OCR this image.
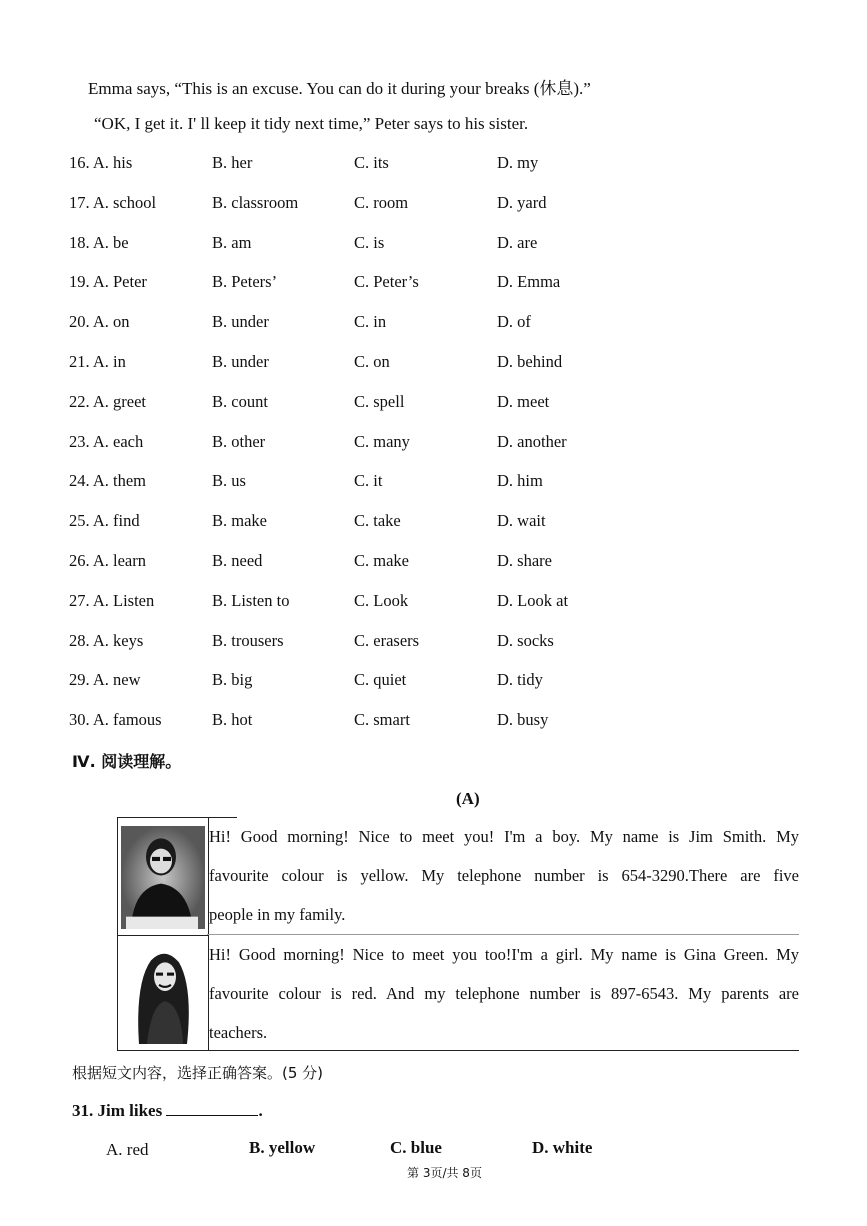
Emma says, “This is an excuse. You can do it during your breaks (休息).”
“OK, I get it. I' ll keep it tidy next time,” Peter says to his sister.
16. A. his	B. her	C. its	D. my
17. A. school	B. classroom	C. room	D. yard
18. A. be	B. am	C. is	D. are
19. A. Peter	B. Peters’	C. Peter’s	D. Emma
20. A. on	B. under	C. in	D. of
21. A. in	B. under	C. on	D. behind
22. A. greet	B. count	C. spell	D. meet
23. A. each	B. other	C. many	D. another
24. A. them	B. us	C. it	D. him
25. A. find	B. make	C. take	D. wait
26. A. learn	B. need	C. make	D. share
27. A. Listen	B. Listen to	C. Look	D. Look at
28. A. keys	B. trousers	C. erasers	D. socks
29. A. new	B. big	C. quiet	D. tidy
30. A. famous	B. hot	C. smart	D. busy
Ⅳ. 阅读理解。
(A)
Hi! Good morning! Nice to meet you! I'm a boy. My name is Jim Smith. My
favourite colour is yellow. My telephone number is 654-3290.There are five
people in my family.
Hi! Good morning! Nice to meet you too!I'm a girl. My name is Gina Green. My
favourite colour is red. And my telephone number is 897-6543. My parents are
teachers.
根据短文内容，选择正确答案。(5 分)
31. Jim likes	.
A. red	B. yellow	C. blue	D. white
第 3页/共 8页
